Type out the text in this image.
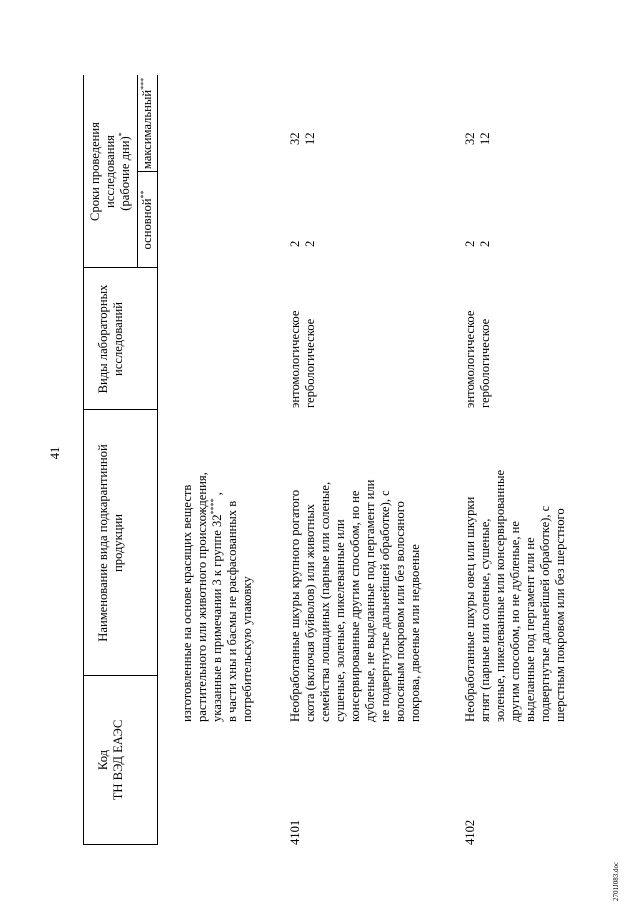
41
Код ТН ВЭД ЕАЭС
Наименование вида подкарантинной продукции
Виды лабораторных исследований
Сроки проведения исследования (рабочие дни)*
основной**
максимальный***
изготовленные на основе красящих веществ растительного или животного происхождения, указанные в примечании 3 к группе 32**** ,
в части хны и басмы не расфасованных в потребительскую упаковку
4101
Необработанные шкуры крупного рогатого скота (включая буйволов) или животных семейства лошадиных (парные или соленые, сушеные, золеные, пикелеванные или консервированные другим способом, но не дубленые, не выделанные под пергамент или не подвергнутые дальнейшей обработке), с волосяным покровом или без волосяного покрова, двоеные или недвоеные
энтомологическое гербологическое
2 2
32 12
4102
Необработанные шкуры овец или шкурки ягнят (парные или соленые, сушеные, золеные, пикелеванные или консервированные другим способом, но не дубленые, не выделанные под пергамент или не подвергнутые дальнейшей обработке), с шерстным покровом или без шерстного
энтомологическое гербологическое
2 2
32 12
2701J083.doc
